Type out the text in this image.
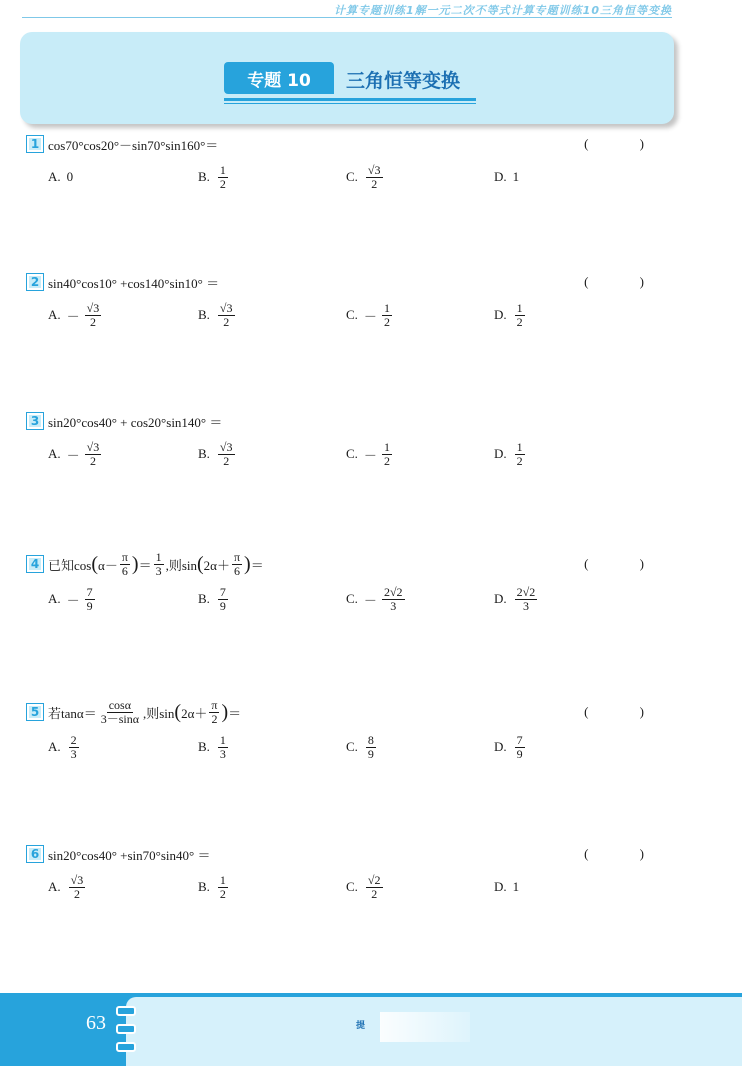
计算专题训练1解一元二次不等式计算专题训练10三角恒等变换
专题 10	三角恒等变换
1 cos70°cos20°－sin70°sin160°＝	( )
A. 0	B. $\frac{1}{2}$	C. $\frac{√3}{2}$	D. 1
2 sin40°cos10° +cos140°sin10° ＝	( )
A. － $\frac{√3}{2}$	B. $\frac{√3}{2}$	C. － $\frac{1}{2}$	D. $\frac{1}{2}$
3 sin20°cos40° + cos20°sin140° ＝
A. － $\frac{√3}{2}$	B. $\frac{√3}{2}$	C. － $\frac{1}{2}$	D. $\frac{1}{2}$
4 已知cos ( $\alpha- \frac{\pi}{6}$ ) ＝ $\frac{1}{3}$ ,则sin ( $2\alpha+ \frac{\pi}{6}$ ) ＝	( )
A. － $\frac{7}{9}$	B. $\frac{7}{9}$	C. － $\frac{2√2}{3}$	D. $\frac{2√2}{3}$
5 若$\tan\alpha= \frac{\cos\alpha}{3-\sin\alpha}$ ,则sin ( $2\alpha+ \frac{\pi}{2}$ ) ＝	( )
A. $\frac{2}{3}$	B. $\frac{1}{3}$	C. $\frac{8}{9}$	D. $\frac{7}{9}$
6 sin20°cos40° +sin70°sin40° ＝	( )
A. $\frac{√3}{2}$	B. $\frac{1}{2}$	C. $\frac{√2}{2}$	D. 1
63	提
